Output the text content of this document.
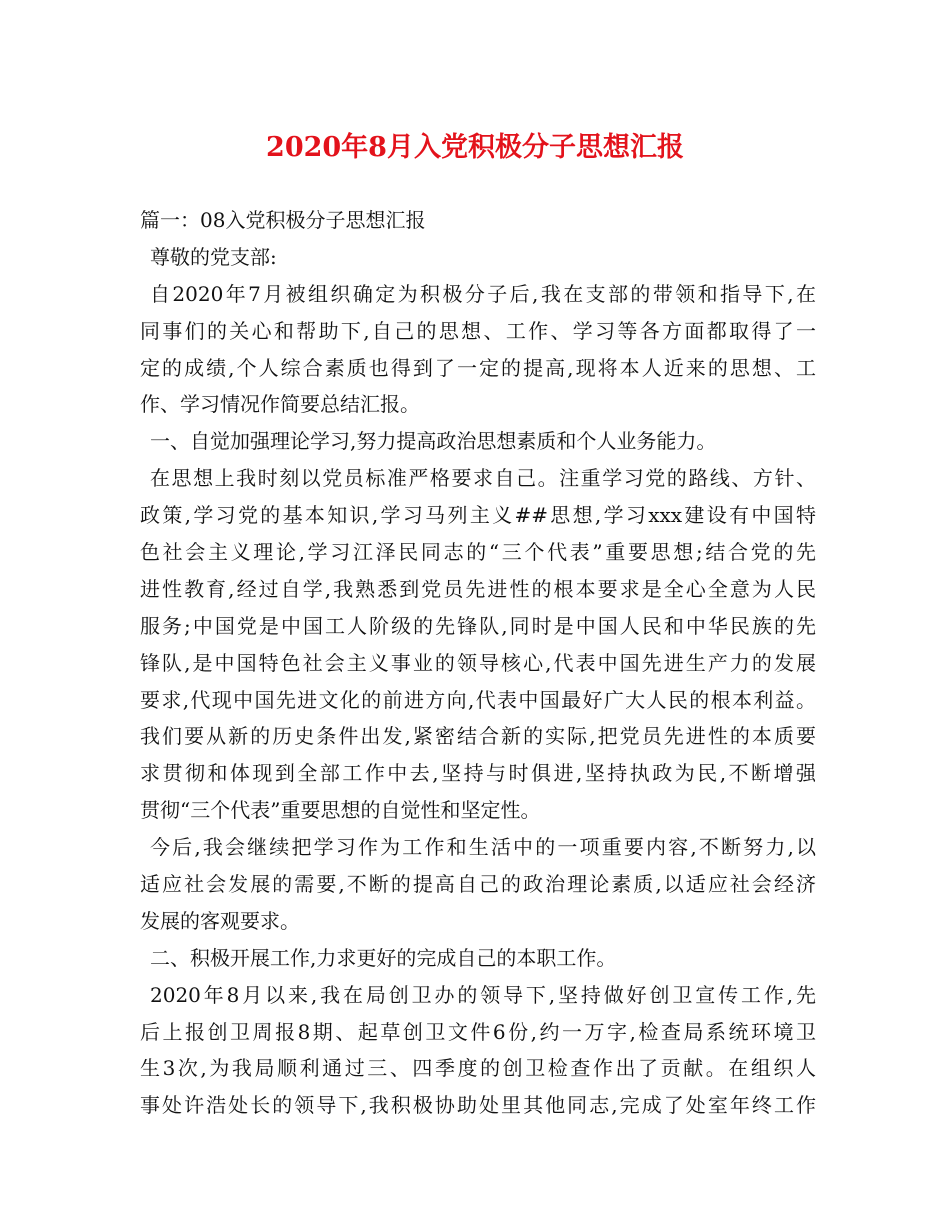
2020年8月入党积极分子思想汇报
篇一：08入党积极分子思想汇报
尊敬的党支部:
自2020年7月被组织确定为积极分子后,我在支部的带领和指导下,在
同事们的关心和帮助下,自己的思想、工作、学习等各方面都取得了一
定的成绩,个人综合素质也得到了一定的提高,现将本人近来的思想、工
作、学习情况作简要总结汇报。
一、自觉加强理论学习,努力提高政治思想素质和个人业务能力。
在思想上我时刻以党员标准严格要求自己。注重学习党的路线、方针、
政策,学习党的基本知识,学习马列主义##思想,学习xxx建设有中国特
色社会主义理论,学习江泽民同志的“三个代表”重要思想;结合党的先
进性教育,经过自学,我熟悉到党员先进性的根本要求是全心全意为人民
服务;中国党是中国工人阶级的先锋队,同时是中国人民和中华民族的先
锋队,是中国特色社会主义事业的领导核心,代表中国先进生产力的发展
要求,代现中国先进文化的前进方向,代表中国最好广大人民的根本利益。
我们要从新的历史条件出发,紧密结合新的实际,把党员先进性的本质要
求贯彻和体现到全部工作中去,坚持与时俱进,坚持执政为民,不断增强
贯彻“三个代表”重要思想的自觉性和坚定性。
今后,我会继续把学习作为工作和生活中的一项重要内容,不断努力,以
适应社会发展的需要,不断的提高自己的政治理论素质,以适应社会经济
发展的客观要求。
二、积极开展工作,力求更好的完成自己的本职工作。
2020年8月以来,我在局创卫办的领导下,坚持做好创卫宣传工作,先
后上报创卫周报8期、起草创卫文件6份,约一万字,检查局系统环境卫
生3次,为我局顺利通过三、四季度的创卫检查作出了贡献。在组织人
事处许浩处长的领导下,我积极协助处里其他同志,完成了处室年终工作
